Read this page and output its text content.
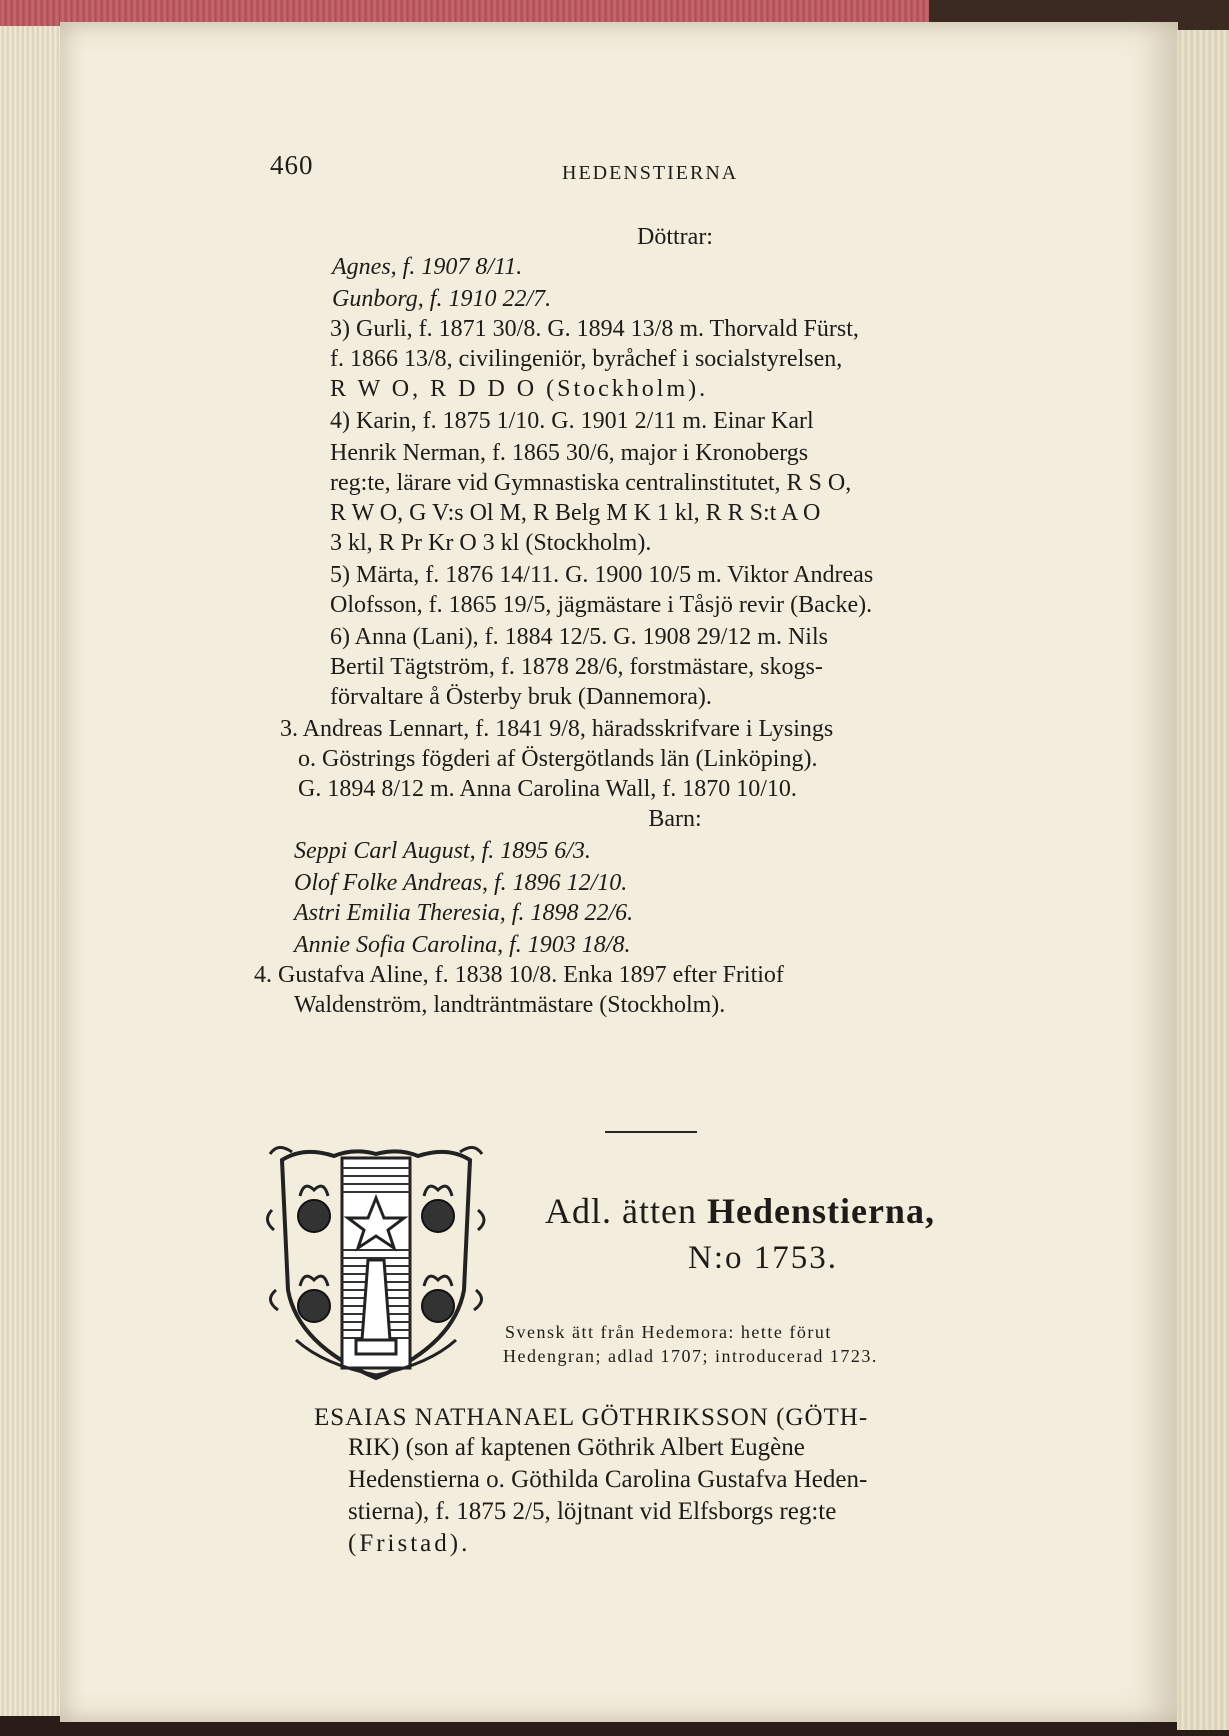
460	HEDENSTIERNA
Döttrar:
Agnes, f. 1907 8/11.
Gunborg, f. 1910 22/7.
3) Gurli, f. 1871 30/8. G. 1894 13/8 m. Thorvald Fürst,
f. 1866 13/8, civilingeniör, byråchef i socialstyrelsen,
R W O, R D D O (Stockholm).
4) Karin, f. 1875 1/10. G. 1901 2/11 m. Einar Karl
Henrik Nerman, f. 1865 30/6, major i Kronobergs
reg:te, lärare vid Gymnastiska centralinstitutet, R S O,
R W O, G V:s Ol M, R Belg M K 1 kl, R R S:t A O
3 kl, R Pr Kr O 3 kl (Stockholm).
5) Märta, f. 1876 14/11. G. 1900 10/5 m. Viktor Andreas
Olofsson, f. 1865 19/5, jägmästare i Tåsjö revir (Backe).
6) Anna (Lani), f. 1884 12/5. G. 1908 29/12 m. Nils
Bertil Tägtström, f. 1878 28/6, forstmästare, skogs-
förvaltare å Österby bruk (Dannemora).
3. Andreas Lennart, f. 1841 9/8, häradsskrifvare i Lysings
o. Göstrings fögderi af Östergötlands län (Linköping).
G. 1894 8/12 m. Anna Carolina Wall, f. 1870 10/10.
Barn:
Seppi Carl August, f. 1895 6/3.
Olof Folke Andreas, f. 1896 12/10.
Astri Emilia Theresia, f. 1898 22/6.
Annie Sofia Carolina, f. 1903 18/8.
4. Gustafva Aline, f. 1838 10/8. Enka 1897 efter Fritiof
Waldenström, landträntmästare (Stockholm).
Adl. ätten Hedenstierna,
N:o 1753.
Svensk ätt från Hedemora: hette förut
Hedengran; adlad 1707; introducerad 1723.
ESAIAS NATHANAEL GÖTHRIKSSON (GÖTH-
RIK) (son af kaptenen Göthrik Albert Eugène
Hedenstierna o. Göthilda Carolina Gustafva Heden-
stierna), f. 1875 2/5, löjtnant vid Elfsborgs reg:te
(Fristad).
